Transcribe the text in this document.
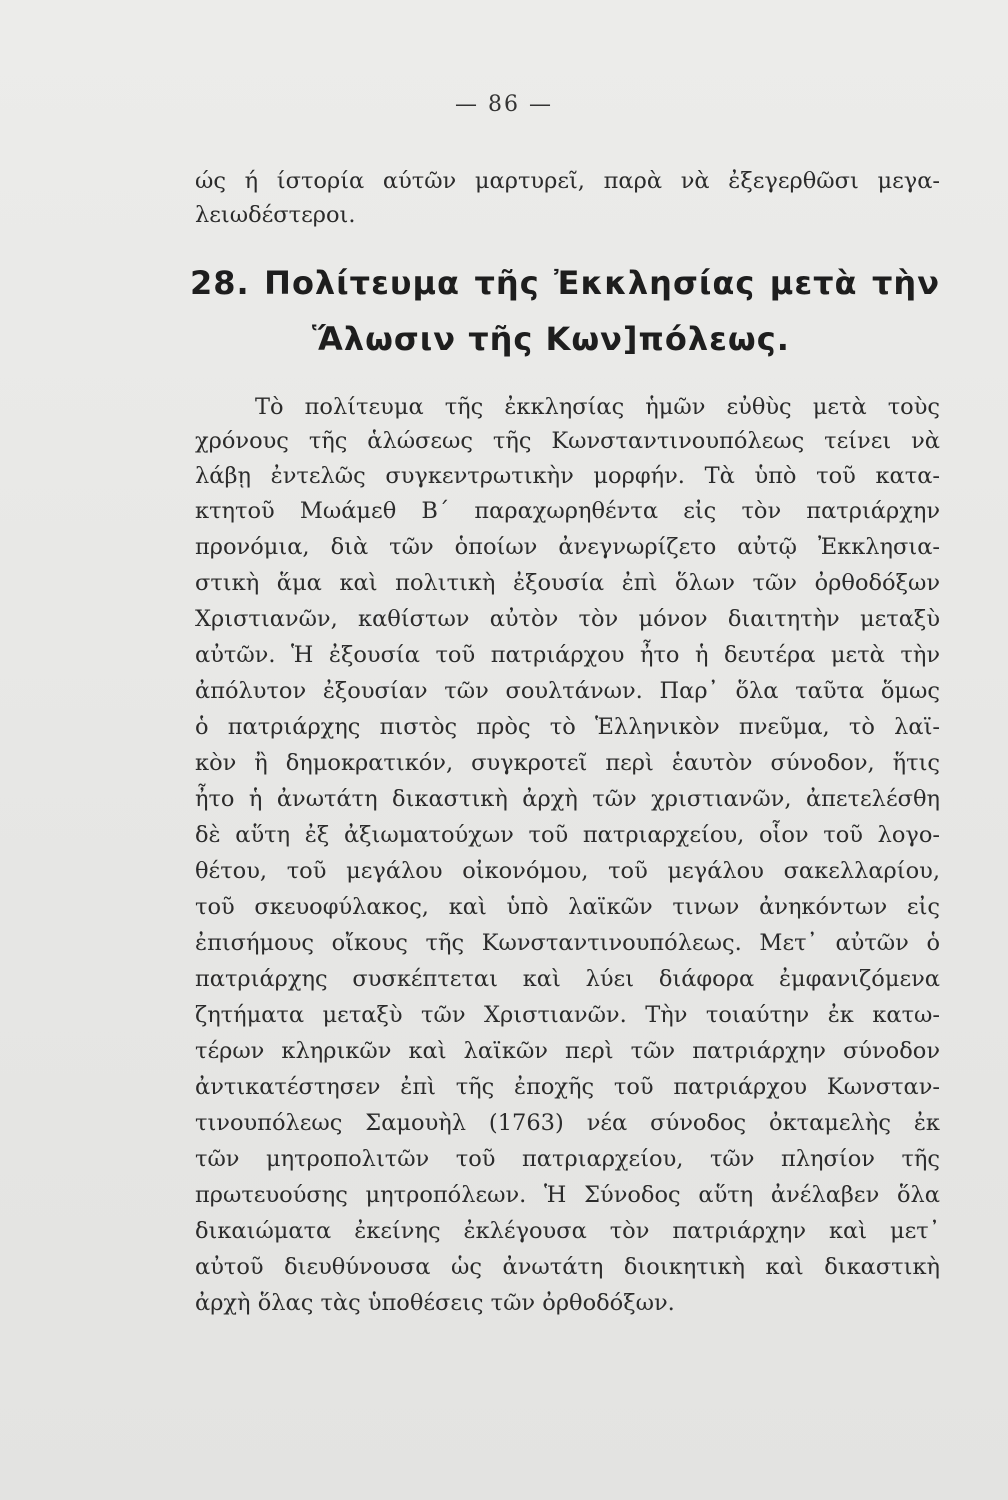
— 86 —
ώς ή ίστορία αύτῶν μαρτυρεῖ, παρὰ νὰ ἐξεγερθῶσι μεγα-
λειωδέστεροι.
28. Πολίτευμα τῆς Ἐκκλησίας μετὰ τὴν
Ἅλωσιν τῆς Κων]πόλεως.
Τὸ πολίτευμα τῆς ἐκκλησίας ἡμῶν εὐθὺς μετὰ τοὺς
χρόνους τῆς ἁλώσεως τῆς Κωνσταντινουπόλεως τείνει νὰ
λάβῃ ἐντελῶς συγκεντρωτικὴν μορφήν. Τὰ ὑπὸ τοῦ κατα-
κτητοῦ Μωάμεθ Β΄ παραχωρηθέντα εἰς τὸν πατριάρχην
προνόμια, διὰ τῶν ὁποίων ἀνεγνωρίζετο αὐτῷ Ἐκκλησια-
στικὴ ἅμα καὶ πολιτικὴ ἐξουσία ἐπὶ ὅλων τῶν ὀρθοδόξων
Χριστιανῶν, καθίστων αὐτὸν τὸν μόνον διαιτητὴν μεταξὺ
αὐτῶν. Ἡ ἐξουσία τοῦ πατριάρχου ἦτο ἡ δευτέρα μετὰ τὴν
ἀπόλυτον ἐξουσίαν τῶν σουλτάνων. Παρ᾽ ὅλα ταῦτα ὅμως
ὁ πατριάρχης πιστὸς πρὸς τὸ Ἑλληνικὸν πνεῦμα, τὸ λαϊ-
κὸν ἢ δημοκρατικόν, συγκροτεῖ περὶ ἑαυτὸν σύνοδον, ἥτις
ἦτο ἡ ἀνωτάτη δικαστικὴ ἀρχὴ τῶν χριστιανῶν, ἀπετελέσθη
δὲ αὕτη ἐξ ἀξιωματούχων τοῦ πατριαρχείου, οἷον τοῦ λογο-
θέτου, τοῦ μεγάλου οἰκονόμου, τοῦ μεγάλου σακελλαρίου,
τοῦ σκευοφύλακος, καὶ ὑπὸ λαϊκῶν τινων ἀνηκόντων εἰς
ἐπισήμους οἴκους τῆς Κωνσταντινουπόλεως. Μετ᾽ αὐτῶν ὁ
πατριάρχης συσκέπτεται καὶ λύει διάφορα ἐμφανιζόμενα
ζητήματα μεταξὺ τῶν Χριστιανῶν. Τὴν τοιαύτην ἐκ κατω-
τέρων κληρικῶν καὶ λαϊκῶν περὶ τῶν πατριάρχην σύνοδον
ἀντικατέστησεν ἐπὶ τῆς ἐποχῆς τοῦ πατριάρχου Κωνσταν-
τινουπόλεως Σαμουὴλ (1763) νέα σύνοδος ὀκταμελὴς ἐκ
τῶν μητροπολιτῶν τοῦ πατριαρχείου, τῶν πλησίον τῆς
πρωτευούσης μητροπόλεων. Ἡ Σύνοδος αὕτη ἀνέλαβεν ὅλα
δικαιώματα ἐκείνης ἐκλέγουσα τὸν πατριάρχην καὶ μετ᾽
αὐτοῦ διευθύνουσα ὡς ἀνωτάτη διοικητικὴ καὶ δικαστικὴ
ἀρχὴ ὅλας τὰς ὑποθέσεις τῶν ὀρθοδόξων.
